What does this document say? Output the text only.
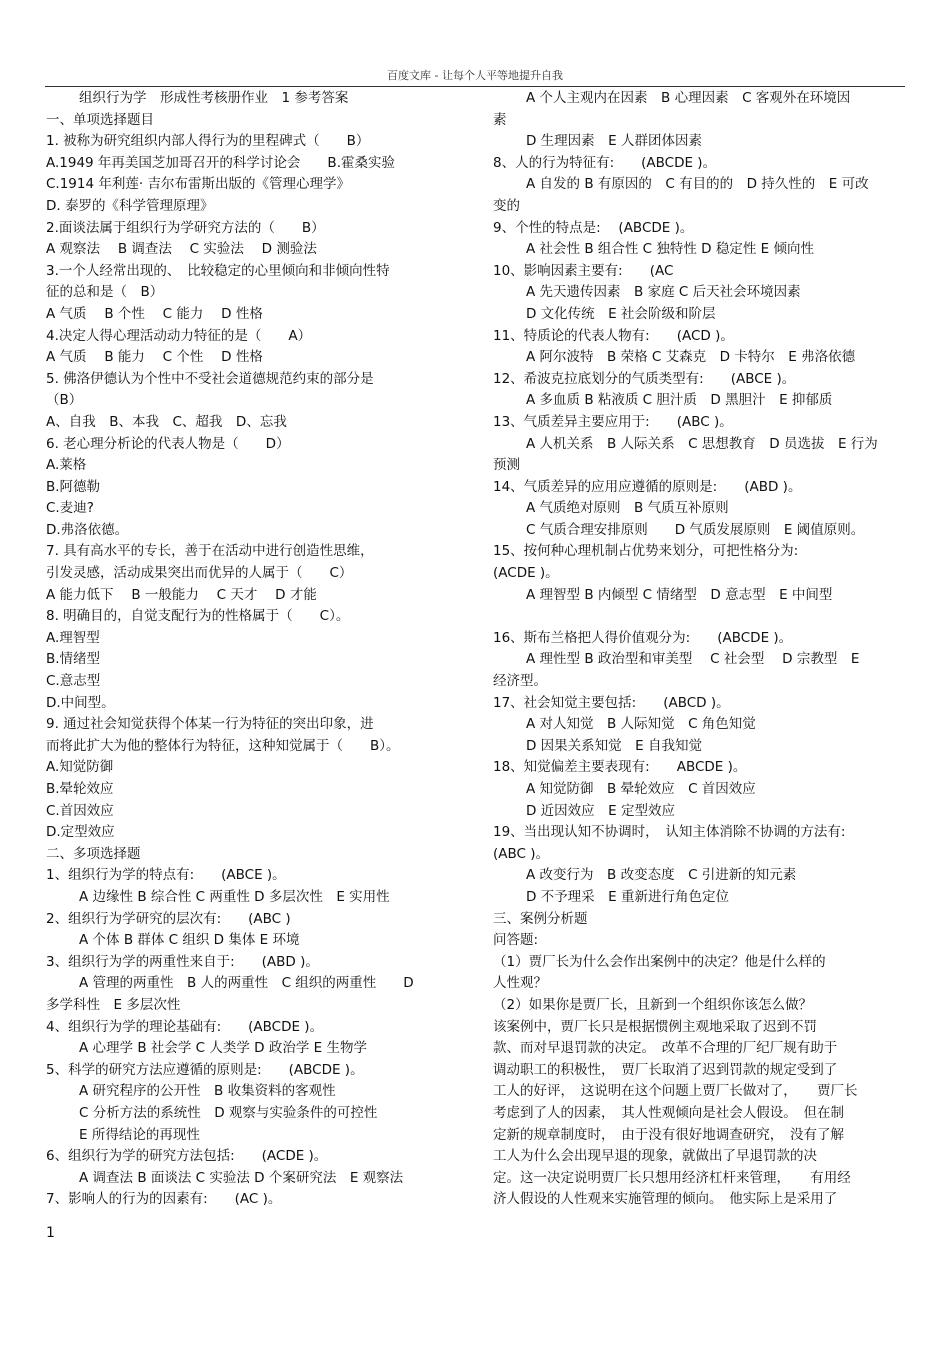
百度文库 - 让每个人平等地提升自我

组织行为学　形成性考核册作业　1 参考答案

一、单项选择题目

1. 被称为研究组织内部人得行为的里程碑式（　　B）

A.1949 年再美国芝加哥召开的科学讨论会　　B.霍桑实验

C.1914 年利莲· 吉尔布雷斯出版的《管理心理学》

D. 泰罗的《科学管理原理》

2.面谈法属于组织行为学研究方法的（　　B）

A 观察法　 B 调查法　 C 实验法　 D 测验法

3.一个人经常出现的、　比较稳定的心里倾向和非倾向性特

征的总和是（　B）

A 气质　 B 个性　 C 能力　 D 性格

4.决定人得心理活动动力特征的是（　　A）

A 气质　 B 能力　 C 个性　 D 性格

5. 佛洛伊德认为个性中不受社会道德规范约束的部分是

（B）

A、自我　B、本我　C、超我　D、忘我

6. 老心理分析论的代表人物是（　　D）

A.莱格

B.阿德勒

C.麦迪?

D.弗洛依德。

7. 具有高水平的专长，善于在活动中进行创造性思维，

引发灵感，活动成果突出而优异的人属于（　　C）

A 能力低下　 B 一般能力　 C 天才　 D 才能

8. 明确目的，自觉支配行为的性格属于（　　C）。

A.理智型

B.情绪型

C.意志型

D.中间型。

9. 通过社会知觉获得个体某一行为特征的突出印象，进

而将此扩大为他的整体行为特征，这种知觉属于（　　B）。

A.知觉防御

B.晕轮效应

C.首因效应

D.定型效应

二、多项选择题

1、组织行为学的特点有:　　(ABCE )。

A 边缘性 B 综合性 C 两重性 D 多层次性　E 实用性

2、组织行为学研究的层次有:　　(ABC )

A 个体 B 群体 C 组织 D 集体 E 环境

3、组织行为学的两重性来自于:　　(ABD )。

A 管理的两重性　B 人的两重性　C 组织的两重性　　D

多学科性　E 多层次性

4、组织行为学的理论基础有:　　(ABCDE )。

A 心理学 B 社会学 C 人类学 D 政治学 E 生物学

5、科学的研究方法应遵循的原则是:　　(ABCDE )。

A 研究程序的公开性　B 收集资料的客观性

C 分析方法的系统性　D 观察与实验条件的可控性

E 所得结论的再现性

6、组织行为学的研究方法包括:　　(ACDE )。

A 调查法 B 面谈法 C 实验法 D 个案研究法　E 观察法

7、影响人的行为的因素有:　　(AC )。

A 个人主观内在因素　B 心理因素　C 客观外在环境因

素

D 生理因素　E 人群团体因素

8、人的行为特征有:　　(ABCDE )。

A 自发的 B 有原因的　C 有目的的　D 持久性的　E 可改

变的

9、个性的特点是:　 (ABCDE )。

A 社会性 B 组合性 C 独特性 D 稳定性 E 倾向性

10、影响因素主要有:　　(AC

A 先天遗传因素　B 家庭 C 后天社会环境因素

D 文化传统　E 社会阶级和阶层

11、特质论的代表人物有:　　(ACD )。

A 阿尔波特　B 荣格 C 艾森克　D 卡特尔　E 弗洛依德

12、希波克拉底划分的气质类型有:　　(ABCE )。

A 多血质 B 粘液质 C 胆汁质　D 黑胆汁　E 抑郁质

13、气质差异主要应用于:　　(ABC )。

A 人机关系　B 人际关系　C 思想教育　D 员选拔　E 行为

预测

14、气质差异的应用应遵循的原则是:　　(ABD )。

A 气质绝对原则　B 气质互补原则

C 气质合理安排原则　　D 气质发展原则　E 阈值原则。

15、按何种心理机制占优势来划分，可把性格分为:

(ACDE )。

A 理智型 B 内倾型 C 情绪型　D 意志型　E 中间型

16、斯布兰格把人得价值观分为:　　(ABCDE )。

A 理性型 B 政治型和审美型　 C 社会型　 D 宗教型　E

经济型。

17、社会知觉主要包括:　　(ABCD )。

A 对人知觉　B 人际知觉　C 角色知觉

D 因果关系知觉　E 自我知觉

18、知觉偏差主要表现有:　　ABCDE )。

A 知觉防御　B 晕轮效应　C 首因效应

D 近因效应　E 定型效应

19、当出现认知不协调时，　认知主体消除不协调的方法有:

(ABC )。

A 改变行为　B 改变态度　C 引进新的知元素

D 不予理采　E 重新进行角色定位

三、案例分析题

问答题:

（1）贾厂长为什么会作出案例中的决定？他是什么样的

人性观？

（2）如果你是贾厂长，且新到一个组织你该怎么做？

该案例中，贾厂长只是根据惯例主观地采取了迟到不罚

款、而对早退罚款的决定。　改革不合理的厂纪厂规有助于

调动职工的积极性，　贾厂长取消了迟到罚款的规定受到了

工人的好评，　这说明在这个问题上贾厂长做对了，　　贾厂长

考虑到了人的因素，　其人性观倾向是社会人假设。　但在制

定新的规章制度时，　由于没有很好地调查研究，　没有了解

工人为什么会出现早退的现象，就做出了早退罚款的决

定。这一决定说明贾厂长只想用经济杠杆来管理，　　有用经

济人假设的人性观来实施管理的倾向。　他实际上是采用了

1
